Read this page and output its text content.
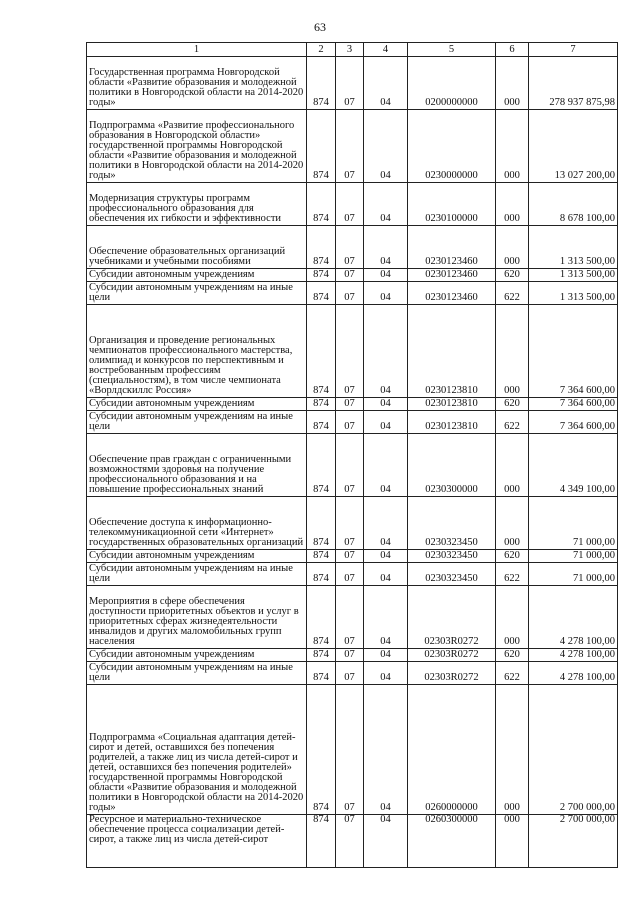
63
1	2	3	4	5	6	7
Государственная программа Новгородской области «Развитие образования и молодежной политики в Новгородской области на 2014-2020 годы»	874	07	04	0200000000	000	278 937 875,98
Подпрограмма «Развитие профессионального образования в Новгородской области» государственной программы Новгородской области «Развитие образования и молодежной политики в Новгородской области на 2014-2020 годы»	874	07	04	0230000000	000	13 027 200,00
Модернизация структуры программ профессионального образования для обеспечения их гибкости и эффективности	874	07	04	0230100000	000	8 678 100,00
Обеспечение образовательных организаций учебниками и учебными пособиями	874	07	04	0230123460	000	1 313 500,00
Субсидии автономным учреждениям	874	07	04	0230123460	620	1 313 500,00
Субсидии автономным учреждениям на иные цели	874	07	04	0230123460	622	1 313 500,00
Организация и проведение региональных чемпионатов профессионального мастерства, олимпиад и конкурсов по перспективным и востребованным профессиям (специальностям), в том числе чемпионата «Ворлдскиллс Россия»	874	07	04	0230123810	000	7 364 600,00
Субсидии автономным учреждениям	874	07	04	0230123810	620	7 364 600,00
Субсидии автономным учреждениям на иные цели	874	07	04	0230123810	622	7 364 600,00
Обеспечение прав граждан с ограниченными возможностями здоровья на получение профессионального образования и на повышение профессиональных знаний	874	07	04	0230300000	000	4 349 100,00
Обеспечение доступа к информационно-телекоммуникационной сети «Интернет» государственных образовательных организаций	874	07	04	0230323450	000	71 000,00
Субсидии автономным учреждениям	874	07	04	0230323450	620	71 000,00
Субсидии автономным учреждениям на иные цели	874	07	04	0230323450	622	71 000,00
Мероприятия в сфере обеспечения доступности приоритетных объектов и услуг в приоритетных сферах жизнедеятельности инвалидов и других маломобильных групп населения	874	07	04	02303R0272	000	4 278 100,00
Субсидии автономным учреждениям	874	07	04	02303R0272	620	4 278 100,00
Субсидии автономным учреждениям на иные цели	874	07	04	02303R0272	622	4 278 100,00
Подпрограмма «Социальная адаптация детей-сирот и детей, оставшихся без попечения родителей, а также лиц из числа детей-сирот и детей, оставшихся без попечения родителей» государственной программы Новгородской области «Развитие образования и молодежной политики в Новгородской области на 2014-2020 годы»	874	07	04	0260000000	000	2 700 000,00
Ресурсное и материально-техническое обеспечение процесса социализации детей-сирот, а также лиц из числа детей-сирот	874	07	04	0260300000	000	2 700 000,00
